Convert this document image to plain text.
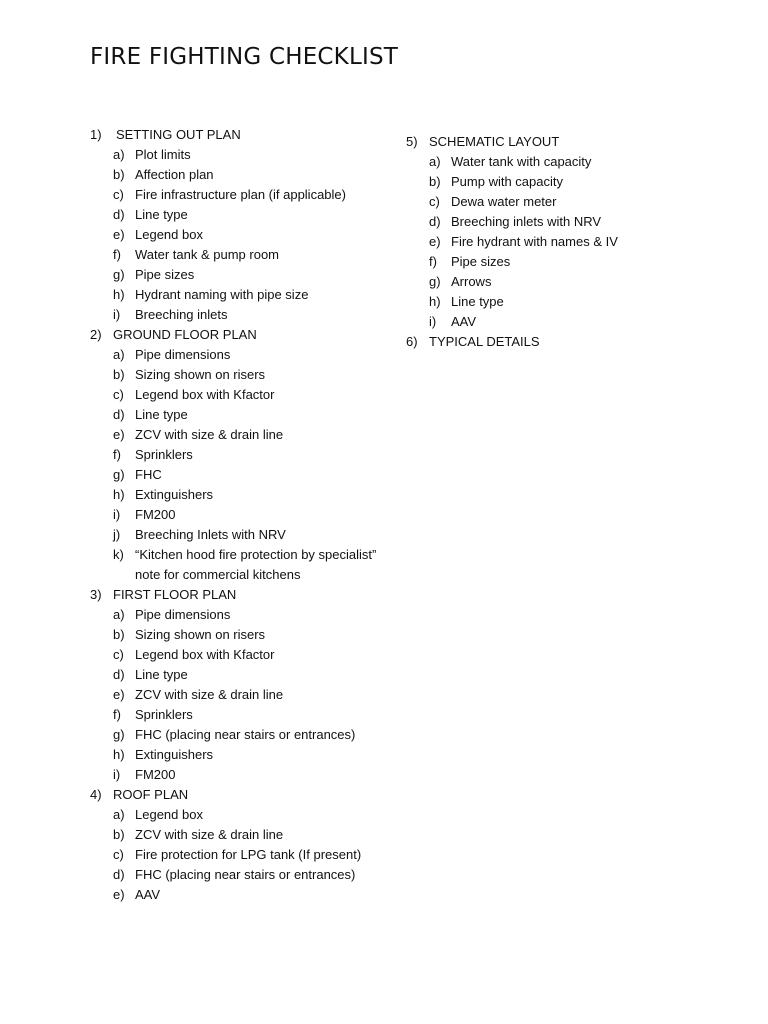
FIRE FIGHTING CHECKLIST
1) SETTING OUT PLAN
a) Plot limits
b) Affection plan
c) Fire infrastructure plan (if applicable)
d) Line type
e) Legend box
f) Water tank & pump room
g) Pipe sizes
h) Hydrant naming with pipe size
i) Breeching inlets
2) GROUND FLOOR PLAN
a) Pipe dimensions
b) Sizing shown on risers
c) Legend box with Kfactor
d) Line type
e) ZCV with size & drain line
f) Sprinklers
g) FHC
h) Extinguishers
i) FM200
j) Breeching Inlets with NRV
k) “Kitchen hood fire protection by specialist” note for commercial kitchens
3) FIRST FLOOR PLAN
a) Pipe dimensions
b) Sizing shown on risers
c) Legend box with Kfactor
d) Line type
e) ZCV with size & drain line
f) Sprinklers
g) FHC (placing near stairs or entrances)
h) Extinguishers
i) FM200
4) ROOF PLAN
a) Legend box
b) ZCV with size & drain line
c) Fire protection for LPG tank (If present)
d) FHC (placing near stairs or entrances)
e) AAV
5) SCHEMATIC LAYOUT
a) Water tank with capacity
b) Pump with capacity
c) Dewa water meter
d) Breeching inlets with NRV
e) Fire hydrant with names & IV
f) Pipe sizes
g) Arrows
h) Line type
i) AAV
6) TYPICAL DETAILS
